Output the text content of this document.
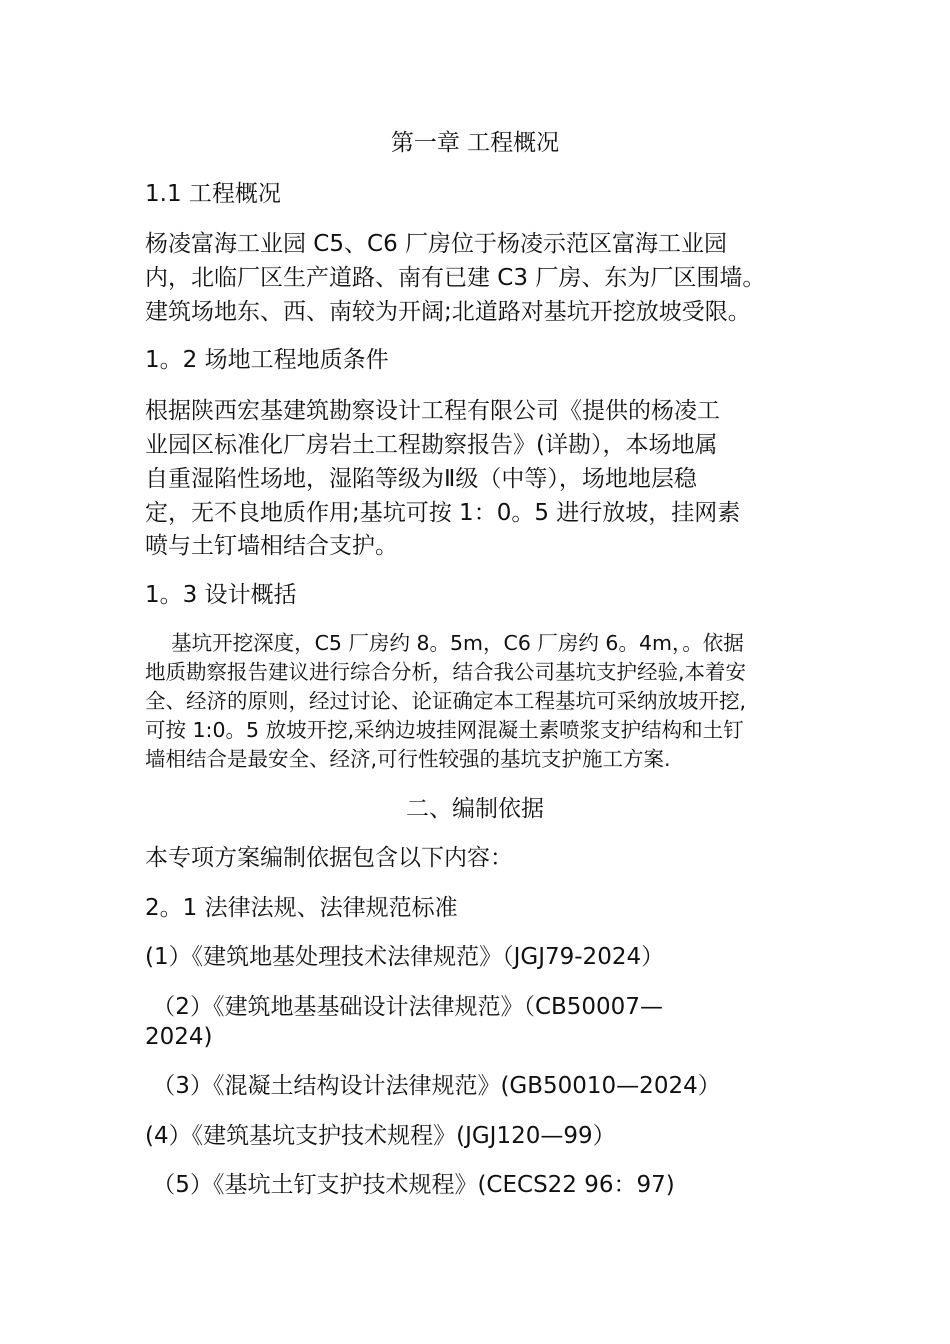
第一章 工程概况
1.1 工程概况
杨凌富海工业园 C5、C6 厂房位于杨凌示范区富海工业园
内，北临厂区生产道路、南有已建 C3 厂房、东为厂区围墙。
建筑场地东、西、南较为开阔;北道路对基坑开挖放坡受限。
1。2 场地工程地质条件
根据陕西宏基建筑勘察设计工程有限公司《提供的杨凌工
业园区标准化厂房岩土工程勘察报告》(详勘），本场地属
自重湿陷性场地，湿陷等级为Ⅱ级（中等），场地地层稳
定，无不良地质作用;基坑可按 1：0。5 进行放坡，挂网素
喷与土钉墙相结合支护。
1。3 设计概括
基坑开挖深度，C5 厂房约 8。5m，C6 厂房约 6。4m，。依据
地质勘察报告建议进行综合分析，结合我公司基坑支护经验,本着安
全、经济的原则，经过讨论、论证确定本工程基坑可采纳放坡开挖,
可按 1:0。5 放坡开挖,采纳边坡挂网混凝土素喷浆支护结构和土钉
墙相结合是最安全、经济,可行性较强的基坑支护施工方案.
二、编制依据
本专项方案编制依据包含以下内容：
2。1 法律法规、法律规范标准
(1）《建筑地基处理技术法律规范》（JGJ79-2024）
（2）《建筑地基基础设计法律规范》（CB50007—
2024)
（3）《混凝土结构设计法律规范》(GB50010—2024）
(4）《建筑基坑支护技术规程》(JGJ120—99）
（5）《基坑土钉支护技术规程》(CECS22 96：97)
